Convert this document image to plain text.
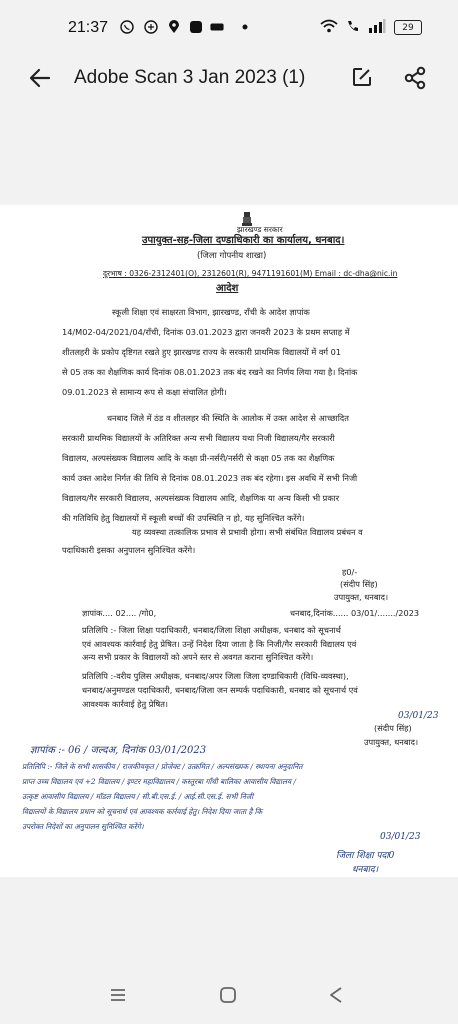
21:37	29
Adobe Scan 3 Jan 2023 (1)
झारखण्ड सरकार
उपायुक्त-सह-जिला दण्डाधिकारी का कार्यालय, धनबाद।
(जिला गोपनीय शाखा)
दूरभाष : 0326-2312401(O), 2312601(R), 9471191601(M) Email : dc-dha@nic.in
आदेश
स्कूली शिक्षा एवं साक्षरता विभाग, झारखण्ड, राँची के आदेश ज्ञापांक
14/M02-04/2021/04/राँची, दिनांक 03.01.2023 द्वारा जनवरी 2023 के प्रथम सप्ताह में
शीतलहरी के प्रकोप दृष्टिगत रखते हुए झारखण्ड राज्य के सरकारी प्राथमिक विद्यालयों में वर्ग 01
से 05 तक का शैक्षणिक कार्य दिनांक 08.01.2023 तक बंद रखने का निर्णय लिया गया है। दिनांक
09.01.2023 से सामान्य रूप से कक्षा संचालित होगी।
धनबाद जिले में ठंड व शीतलहर की स्थिति के आलोक में उक्त आदेश से आच्छादित
सरकारी प्राथमिक विद्यालयों के अतिरिक्त अन्य सभी विद्यालय यथा निजी विद्यालय/गैर सरकारी
विद्यालय, अल्पसंख्यक विद्यालय आदि के कक्षा प्री-नर्सरी/नर्सरी से कक्षा 05 तक का शैक्षणिक
कार्य उक्त आदेश निर्गत की तिथि से दिनांक 08.01.2023 तक बंद रहेगा। इस अवधि में सभी निजी
विद्यालय/गैर सरकारी विद्यालय, अल्पसंख्यक विद्यालय आदि, शैक्षणिक या अन्य किसी भी प्रकार
की गतिविधि हेतु विद्यालयों में स्कूली बच्चों की उपस्थिति न हो, यह सुनिश्चित करेंगे।
यह व्यवस्था तत्कालिक प्रभाव से प्रभावी होगा। सभी संबंधित विद्यालय प्रबंधन व
पदाधिकारी इसका अनुपालन सुनिश्चित करेंगे।
ह0/-
(संदीप सिंह)
उपायुक्त, धनबाद।
ज्ञापांक.... 02.... /गो0,	धनबाद,दिनांक...... 03/01/......./2023
प्रतिलिपि :- जिला शिक्षा पदाधिकारी, धनबाद/जिला शिक्षा अधीक्षक, धनबाद को सूचनार्थ
एवं आवश्यक कार्रवाई हेतु प्रेषित। उन्हें निदेश दिया जाता है कि निजी/गैर सरकारी विद्यालय एवं
अन्य सभी प्रकार के विद्यालयों को अपने स्तर से अवगत कराना सुनिश्चित करेंगे।
प्रतिलिपि :-वरीय पुलिस अधीक्षक, धनबाद/अपर जिला जिला दण्डाधिकारी (विधि-व्यवस्था),
धनबाद/अनुमण्डल पदाधिकारी, धनबाद/जिला जन सम्पर्क पदाधिकारी, धनबाद को सूचनार्थ एवं
आवश्यक कार्रवाई हेतु प्रेषित।
03/01/23
(संदीप सिंह)
उपायुक्त, धनबाद।
ज्ञापांक :- 06 / जल्दअ, दिनांक 03/01/2023
प्रतिलिपि :- जिले के सभी शासकीय / राजकीयकृत / प्रोजेक्ट / उत्क्रमित / अल्पसंख्यक / स्थापना अनुदानित
प्राप्त उच्च विद्यालय एवं +2 विद्यालय / इण्टर महाविद्यालय / कस्तूरबा गाँधी बालिका आवासीय विद्यालय /
उत्कृष्ट आवासीय विद्यालय / मॉडल विद्यालय / सी.बी.एस.ई. / आई.सी.एस.ई. सभी निजी
विद्यालयों के विद्यालय प्रधान को सूचनार्थ एवं आवश्यक कार्रवाई हेतु। निदेश दिया जाता है कि
उपरोक्त निदेशों का अनुपालन सुनिश्चित करेंगे।
03/01/23
जिला शिक्षा पदा0
धनबाद।
